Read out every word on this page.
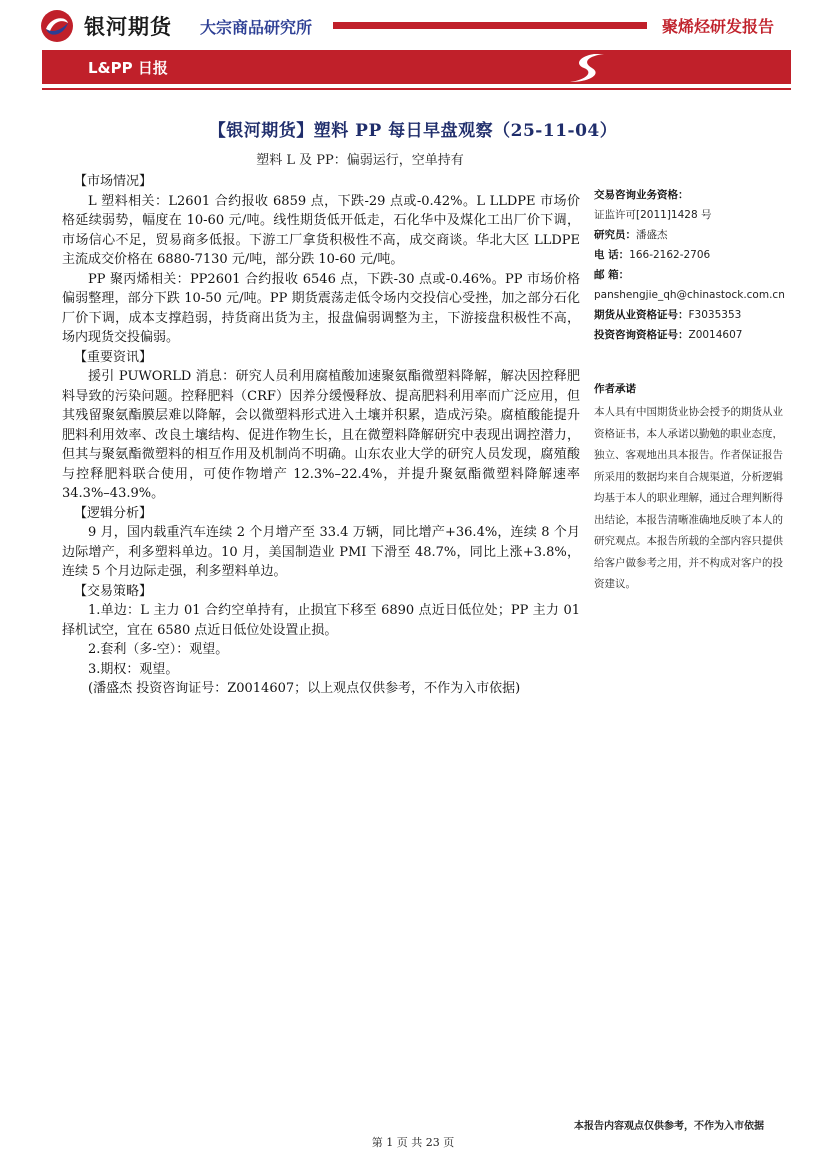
银河期货 大宗商品研究所	聚烯烃研发报告
L&PP 日报
【银河期货】塑料 PP 每日早盘观察（25-11-04）
塑料 L 及 PP：偏弱运行，空单持有
【市场情况】

L 塑料相关：L2601 合约报收 6859 点，下跌-29 点或-0.42%。L LLDPE 市场价格延续弱势，幅度在 10-60 元/吨。线性期货低开低走，石化华中及煤化工出厂价下调，市场信心不足，贸易商多低报。下游工厂拿货积极性不高，成交商谈。华北大区 LLDPE 主流成交价格在 6880-7130 元/吨，部分跌 10-60 元/吨。

PP 聚丙烯相关：PP2601 合约报收 6546 点，下跌-30 点或-0.46%。PP 市场价格偏弱整理，部分下跌 10-50 元/吨。PP 期货震荡走低令场内交投信心受挫，加之部分石化厂价下调，成本支撑趋弱，持货商出货为主，报盘偏弱调整为主，下游接盘积极性不高，场内现货交投偏弱。

【重要资讯】

援引 PUWORLD 消息：研究人员利用腐植酸加速聚氨酯微塑料降解，解决因控释肥料导致的污染问题。控释肥料（CRF）因养分缓慢释放、提高肥料利用率而广泛应用，但其残留聚氨酯膜层难以降解，会以微塑料形式进入土壤并积累，造成污染。腐植酸能提升肥料利用效率、改良土壤结构、促进作物生长，且在微塑料降解研究中表现出调控潜力，但其与聚氨酯微塑料的相互作用及机制尚不明确。山东农业大学的研究人员发现，腐殖酸与控释肥料联合使用，可使作物增产 12.3%–22.4%，并提升聚氨酯微塑料降解速率 34.3%–43.9%。

【逻辑分析】

9 月，国内载重汽车连续 2 个月增产至 33.4 万辆，同比增产+36.4%，连续 8 个月边际增产，利多塑料单边。10 月，美国制造业 PMI 下滑至 48.7%，同比上涨+3.8%，连续 5 个月边际走强，利多塑料单边。

【交易策略】

1.单边：L 主力 01 合约空单持有，止损宜下移至 6890 点近日低位处；PP 主力 01 择机试空，宜在 6580 点近日低位处设置止损。

2.套利（多-空）：观望。

3.期权：观望。

(潘盛杰 投资咨询证号：Z0014607；以上观点仅供参考，不作为入市依据)

交易咨询业务资格：
证监许可[2011]1428 号
研究员：潘盛杰
电 话：166-2162-2706
邮 箱：
panshengjie_qh@chinastock.com.cn
期货从业资格证号：F3035353
投资咨询资格证号：Z0014607
作者承诺
本人具有中国期货业协会授予的期货从业资格证书，本人承诺以勤勉的职业态度，独立、客观地出具本报告。作者保证报告所采用的数据均来自合规渠道，分析逻辑均基于本人的职业理解，通过合理判断得出结论，本报告清晰准确地反映了本人的研究观点。本报告所载的全部内容只提供给客户做参考之用，并不构成对客户的投资建议。
本报告内容观点仅供参考，不作为入市依据
第 1 页 共 23 页
